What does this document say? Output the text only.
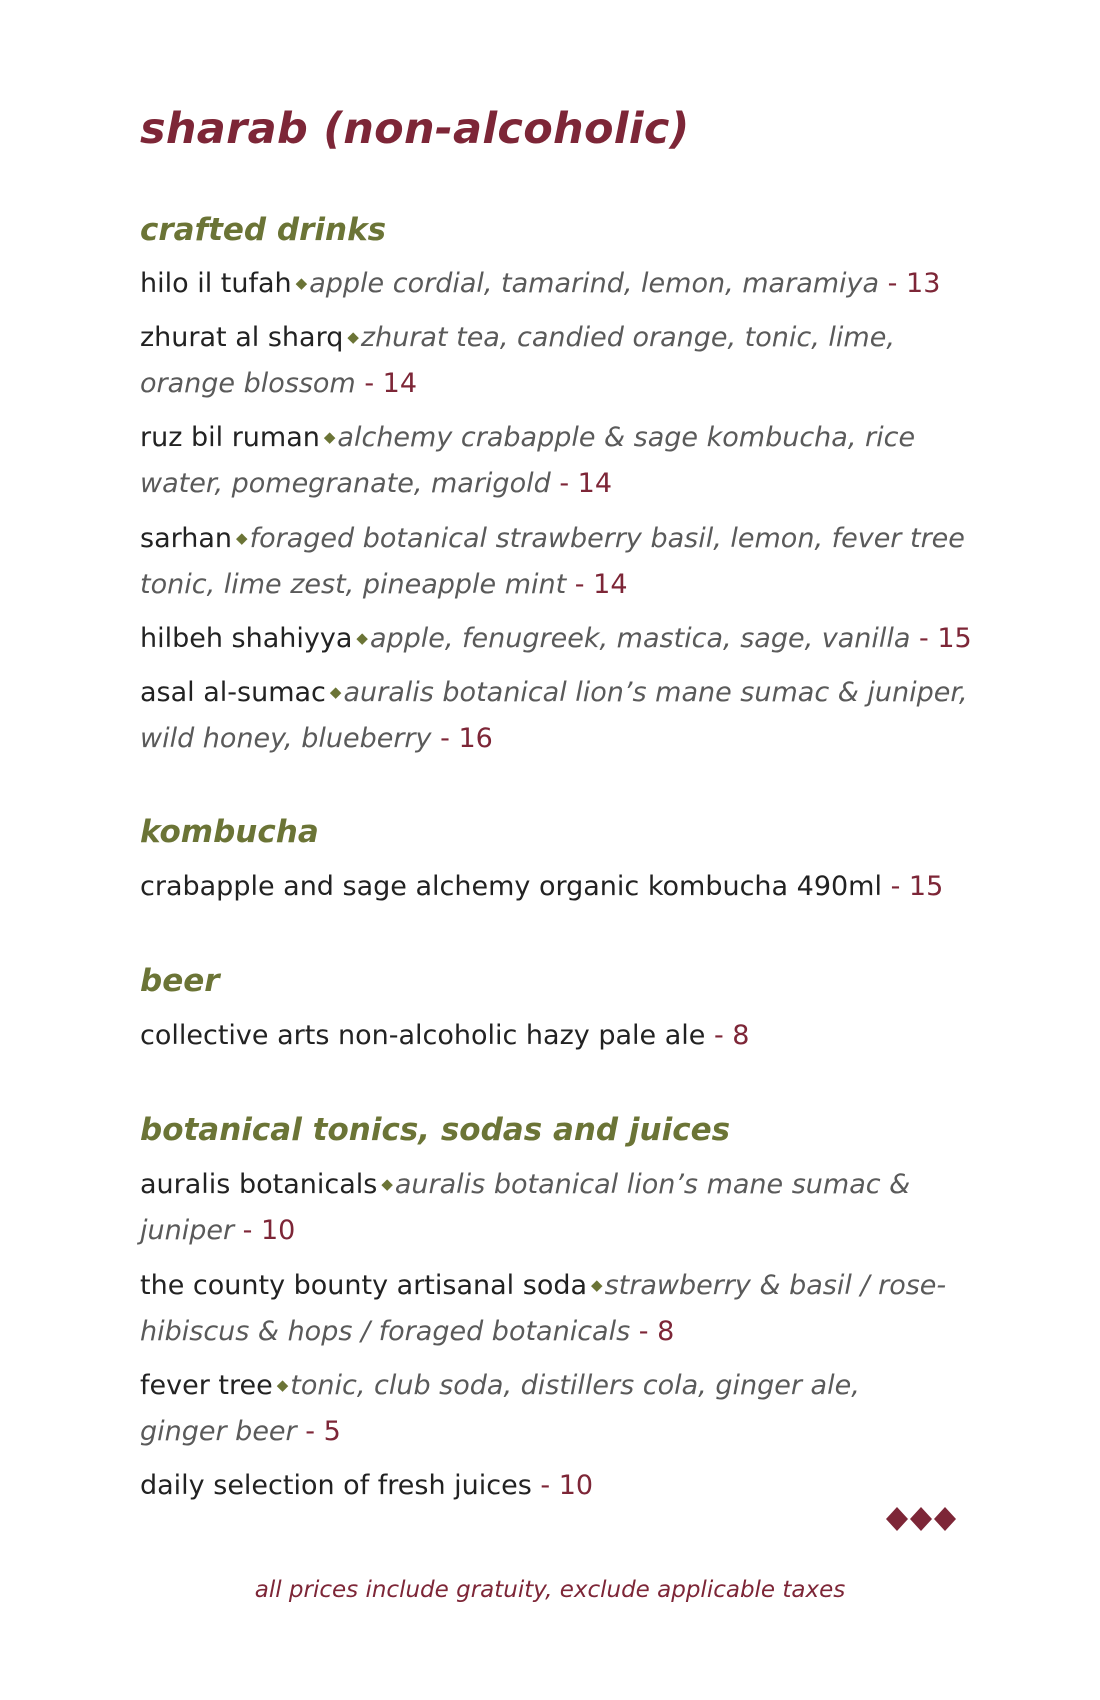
sharab (non-alcoholic)
crafted drinks

hilo il tufah ◆apple cordial, tamarind, lemon, maramiya - 13

zhurat al sharq ◆zhurat tea, candied orange, tonic, lime,

orange blossom - 14

ruz bil ruman ◆alchemy crabapple & sage kombucha, rice

water, pomegranate, marigold - 14

sarhan ◆foraged botanical strawberry basil, lemon, fever tree

tonic, lime zest, pineapple mint - 14

hilbeh shahiyya ◆apple, fenugreek, mastica, sage, vanilla - 15

asal al-sumac ◆auralis botanical lion’s mane sumac & juniper,

wild honey, blueberry - 16

kombucha

crabapple and sage alchemy organic kombucha 490ml - 15

beer

collective arts non-alcoholic hazy pale ale - 8

botanical tonics, sodas and juices

auralis botanicals ◆auralis botanical lion’s mane sumac &

juniper - 10

the county bounty artisanal soda ◆strawberry & basil / rose-

hibiscus & hops / foraged botanicals - 8

fever tree ◆tonic, club soda, distillers cola, ginger ale,

ginger beer - 5

daily selection of fresh juices - 10

all prices include gratuity, exclude applicable taxes
